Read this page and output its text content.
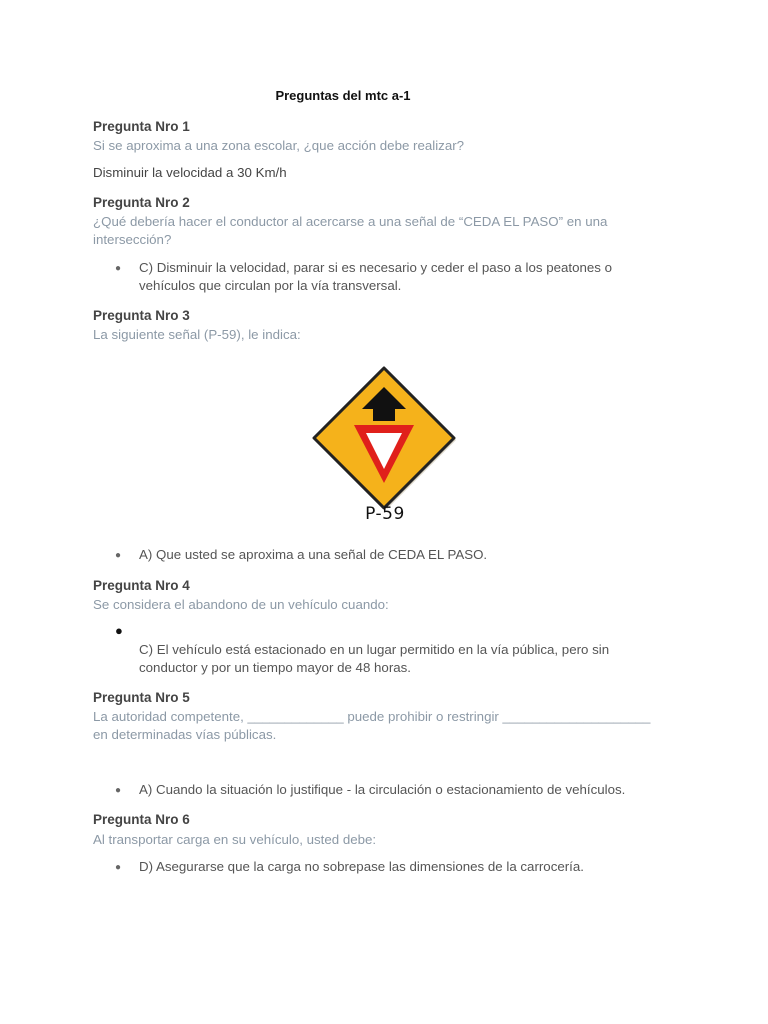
Preguntas del mtc a-1
Pregunta Nro 1
Si se aproxima a una zona escolar, ¿que acción debe realizar?
Disminuir la velocidad a 30 Km/h
Pregunta Nro 2
¿Qué debería hacer el conductor al acercarse a una señal de “CEDA EL PASO” en una intersección?
● C) Disminuir la velocidad, parar si es necesario y ceder el paso a los peatones o vehículos que circulan por la vía transversal.
Pregunta Nro 3
La siguiente señal (P-59), le indica:
P-59
● A) Que usted se aproxima a una señal de CEDA EL PASO.
Pregunta Nro 4
Se considera el abandono de un vehículo cuando:
●
C) El vehículo está estacionado en un lugar permitido en la vía pública, pero sin conductor y por un tiempo mayor de 48 horas.
Pregunta Nro 5
La autoridad competente, _____________ puede prohibir o restringir ____________________ en determinadas vías públicas.
● A) Cuando la situación lo justifique - la circulación o estacionamiento de vehículos.
Pregunta Nro 6
Al transportar carga en su vehículo, usted debe:
● D) Asegurarse que la carga no sobrepase las dimensiones de la carrocería.
